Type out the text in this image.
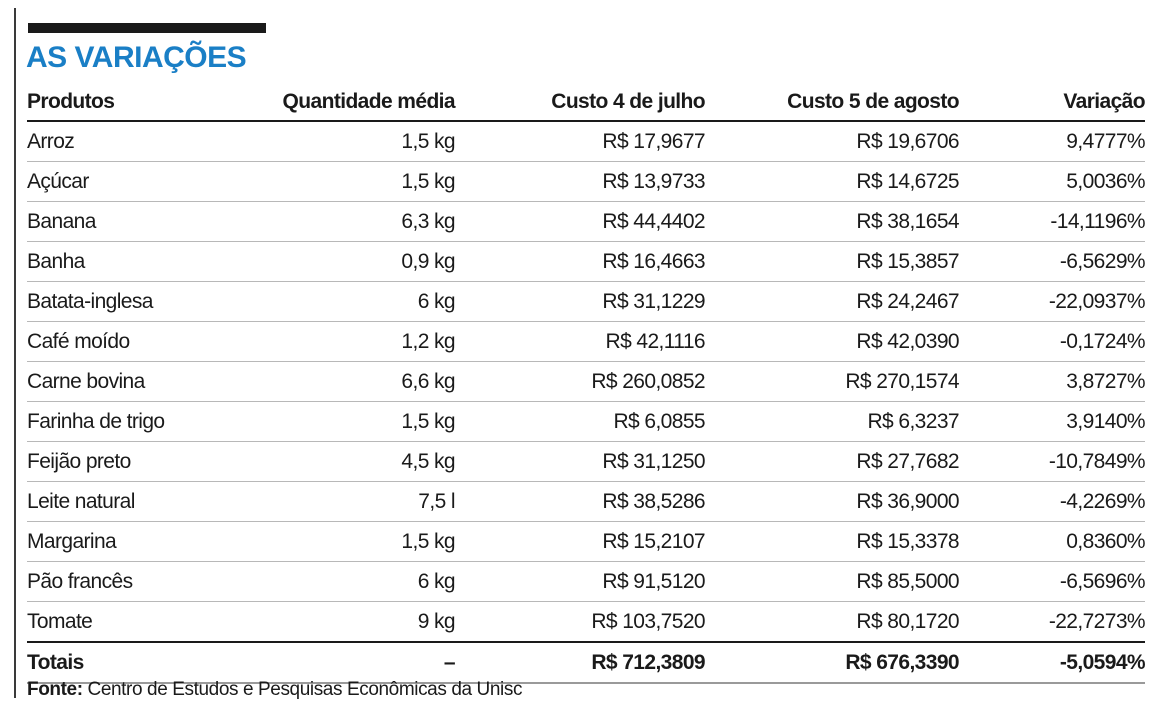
AS VARIAÇÕES
Produtos	Quantidade média	Custo 4 de julho	Custo 5 de agosto	Variação
Arroz	1,5 kg	R$ 17,9677	R$ 19,6706	9,4777%
Açúcar	1,5 kg	R$ 13,9733	R$ 14,6725	5,0036%
Banana	6,3 kg	R$ 44,4402	R$ 38,1654	-14,1196%
Banha	0,9 kg	R$ 16,4663	R$ 15,3857	-6,5629%
Batata-inglesa	6 kg	R$ 31,1229	R$ 24,2467	-22,0937%
Café moído	1,2 kg	R$ 42,1116	R$ 42,0390	-0,1724%
Carne bovina	6,6 kg	R$ 260,0852	R$ 270,1574	3,8727%
Farinha de trigo	1,5 kg	R$ 6,0855	R$ 6,3237	3,9140%
Feijão preto	4,5 kg	R$ 31,1250	R$ 27,7682	-10,7849%
Leite natural	7,5 l	R$ 38,5286	R$ 36,9000	-4,2269%
Margarina	1,5 kg	R$ 15,2107	R$ 15,3378	0,8360%
Pão francês	6 kg	R$ 91,5120	R$ 85,5000	-6,5696%
Tomate	9 kg	R$ 103,7520	R$ 80,1720	-22,7273%
Totais	–	R$ 712,3809	R$ 676,3390	-5,0594%
Fonte: Centro de Estudos e Pesquisas Econômicas da Unisc
